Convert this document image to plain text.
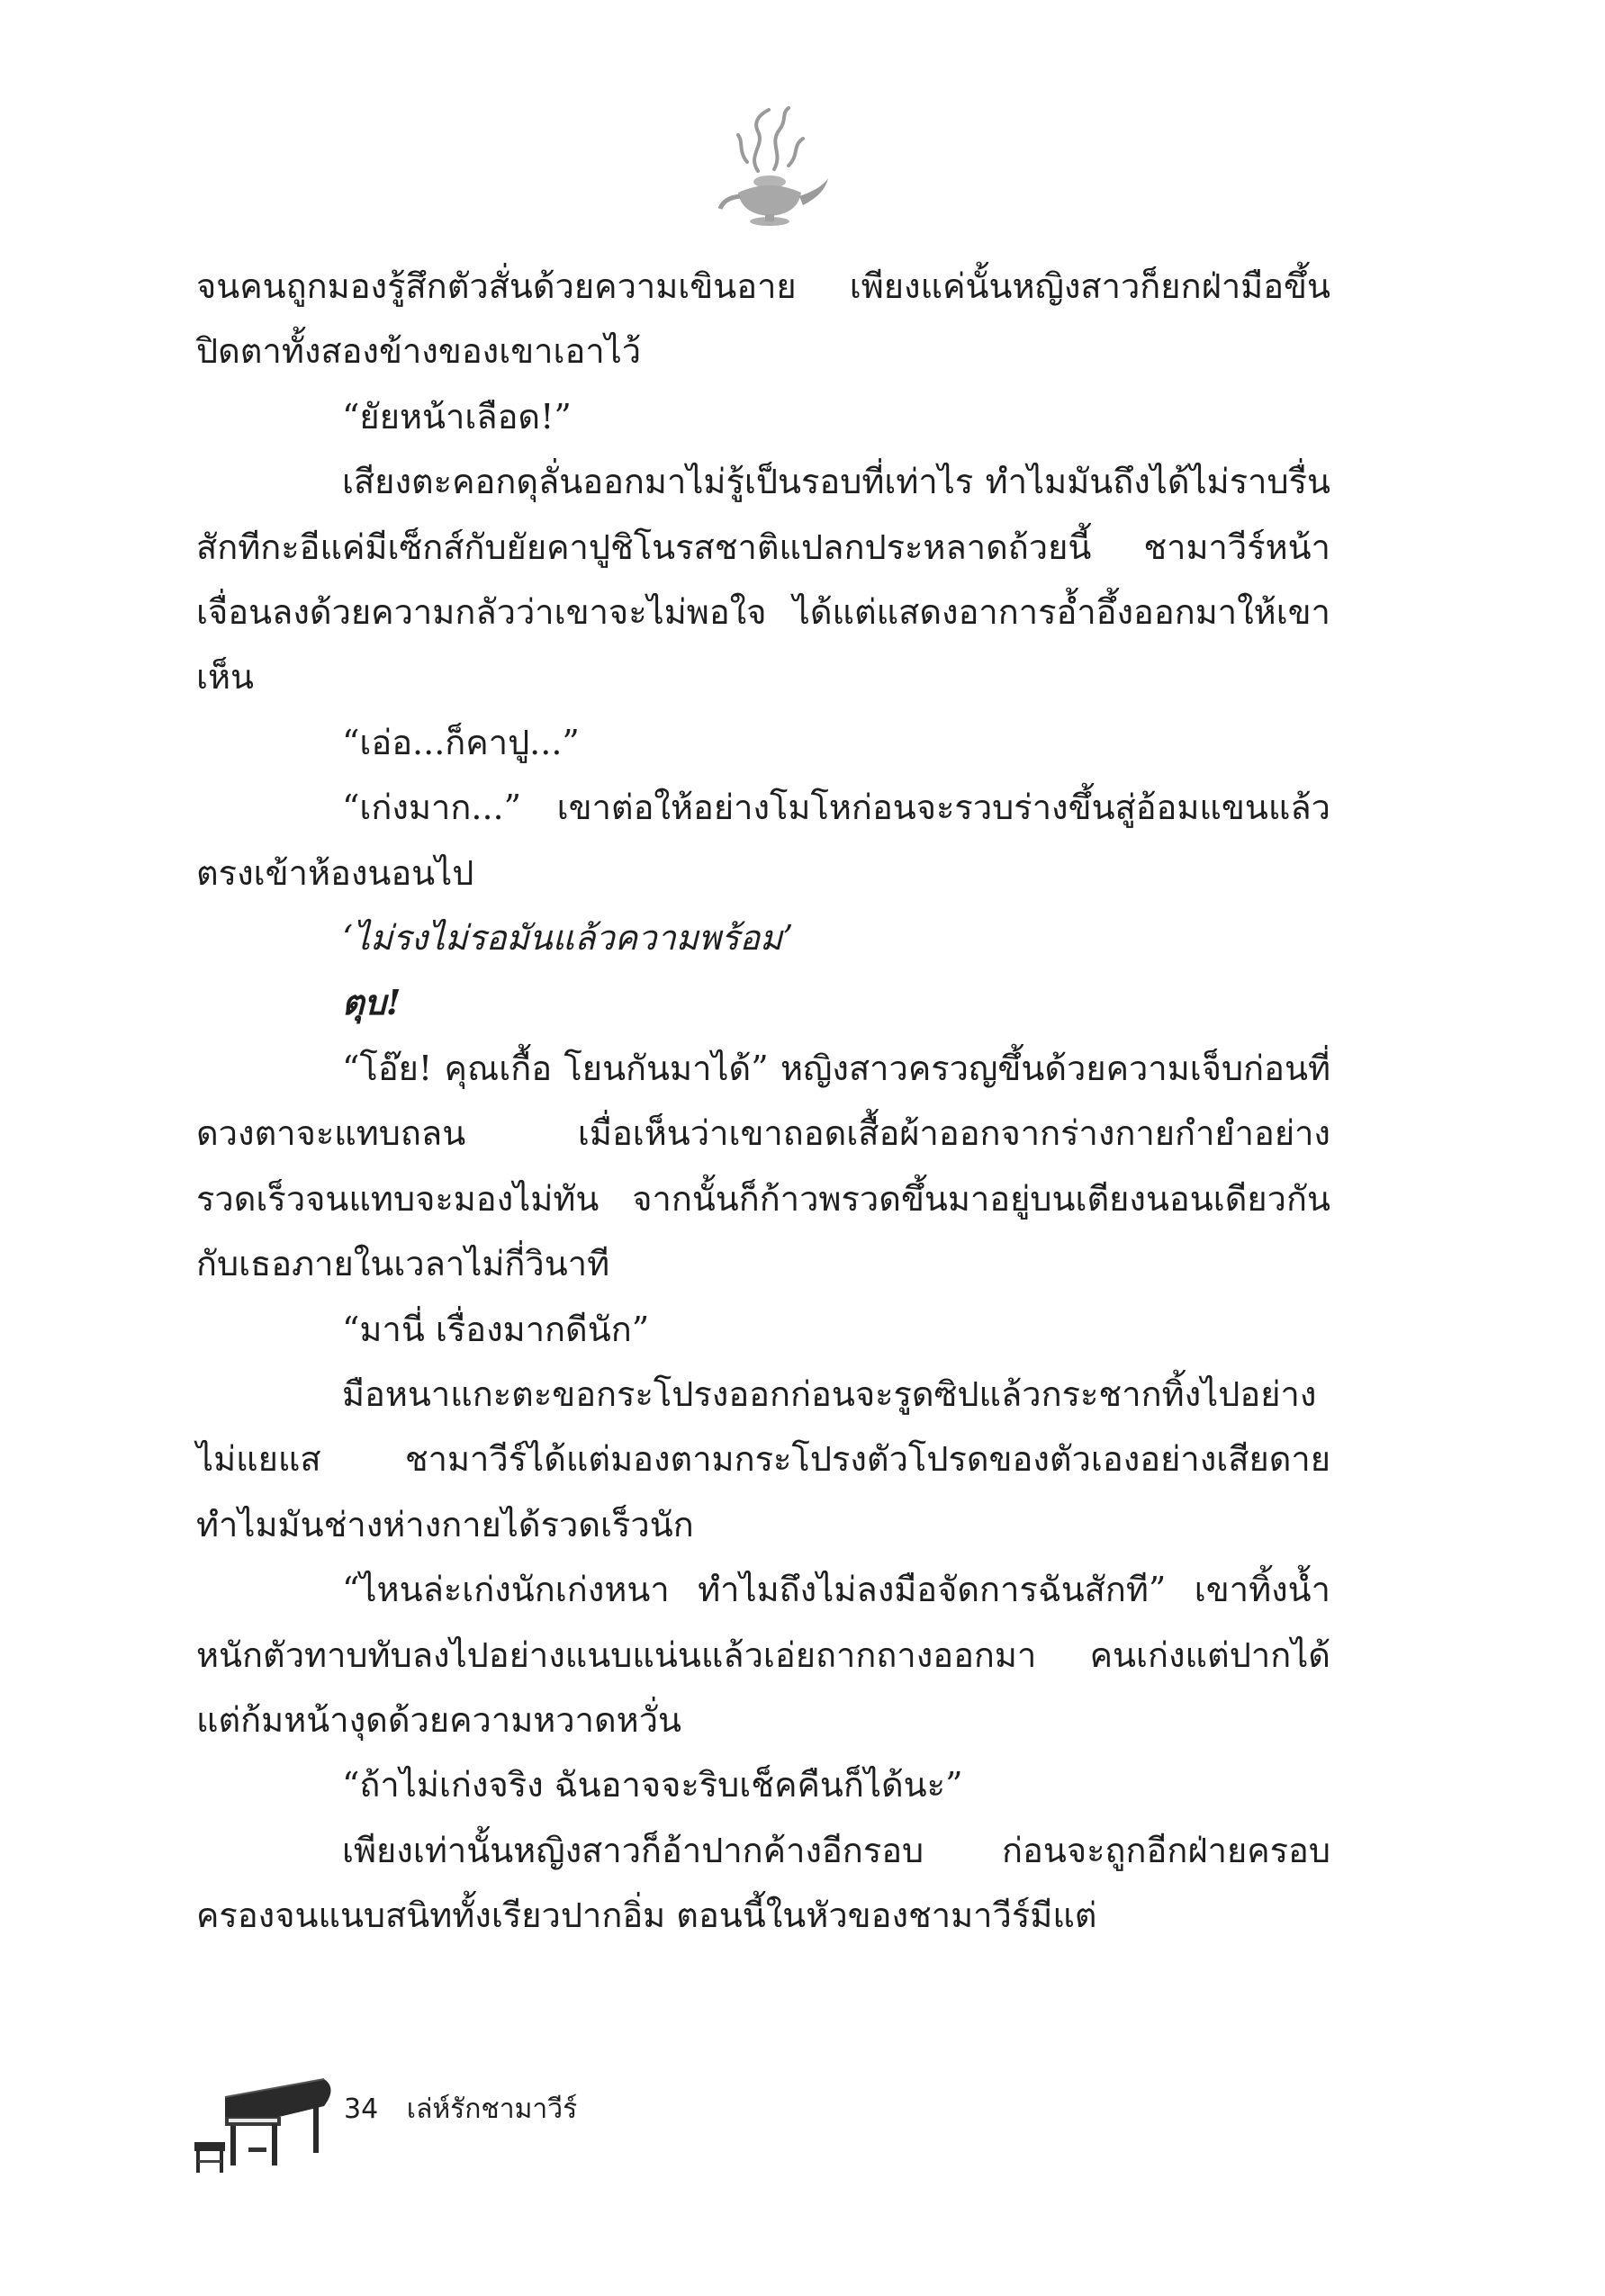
จนคนถูกมองรู้สึกตัวสั่นด้วยความเขินอาย เพียงแค่นั้นหญิงสาวก็ยกฝ่ามือขึ้นปิดตาทั้งสองข้างของเขาเอาไว้

“ยัยหน้าเลือด!”

เสียงตะคอกดุลั่นออกมาไม่รู้เป็นรอบที่เท่าไร ทำไมมันถึงได้ไม่ราบรื่นสักทีกะอีแค่มีเซ็กส์กับยัยคาปูชิโนรสชาติแปลกประหลาดถ้วยนี้ ชามาวีร์หน้าเจื่อนลงด้วยความกลัวว่าเขาจะไม่พอใจ ได้แต่แสดงอาการอ้ำอึ้งออกมาให้เขาเห็น

“เอ่อ...ก็คาปู...”

“เก่งมาก...” เขาต่อให้อย่างโมโหก่อนจะรวบร่างขึ้นสู่อ้อมแขนแล้วตรงเข้าห้องนอนไป

‘ไม่รงไม่รอมันแล้วความพร้อม’

ตุบ!

“โอ๊ย! คุณเกื้อ โยนกันมาได้” หญิงสาวครวญขึ้นด้วยความเจ็บก่อนที่ดวงตาจะแทบถลน เมื่อเห็นว่าเขาถอดเสื้อผ้าออกจากร่างกายกำยำอย่างรวดเร็วจนแทบจะมองไม่ทัน จากนั้นก็ก้าวพรวดขึ้นมาอยู่บนเตียงนอนเดียวกันกับเธอภายในเวลาไม่กี่วินาที

“มานี่ เรื่องมากดีนัก”

มือหนาแกะตะขอกระโปรงออกก่อนจะรูดซิปแล้วกระชากทิ้งไปอย่างไม่แยแส ชามาวีร์ได้แต่มองตามกระโปรงตัวโปรดของตัวเองอย่างเสียดาย ทำไมมันช่างห่างกายได้รวดเร็วนัก

“ไหนล่ะเก่งนักเก่งหนา ทำไมถึงไม่ลงมือจัดการฉันสักที” เขาทิ้งน้ำหนักตัวทาบทับลงไปอย่างแนบแน่นแล้วเอ่ยถากถางออกมา คนเก่งแต่ปากได้แต่ก้มหน้างุดด้วยความหวาดหวั่น

“ถ้าไม่เก่งจริง ฉันอาจจะริบเช็คคืนก็ได้นะ”

เพียงเท่านั้นหญิงสาวก็อ้าปากค้างอีกรอบ ก่อนจะถูกอีกฝ่ายครอบครองจนแนบสนิททั้งเรียวปากอิ่ม ตอนนี้ในหัวของชามาวีร์มีแต่

34 เล่ห์รักชามาวีร์
